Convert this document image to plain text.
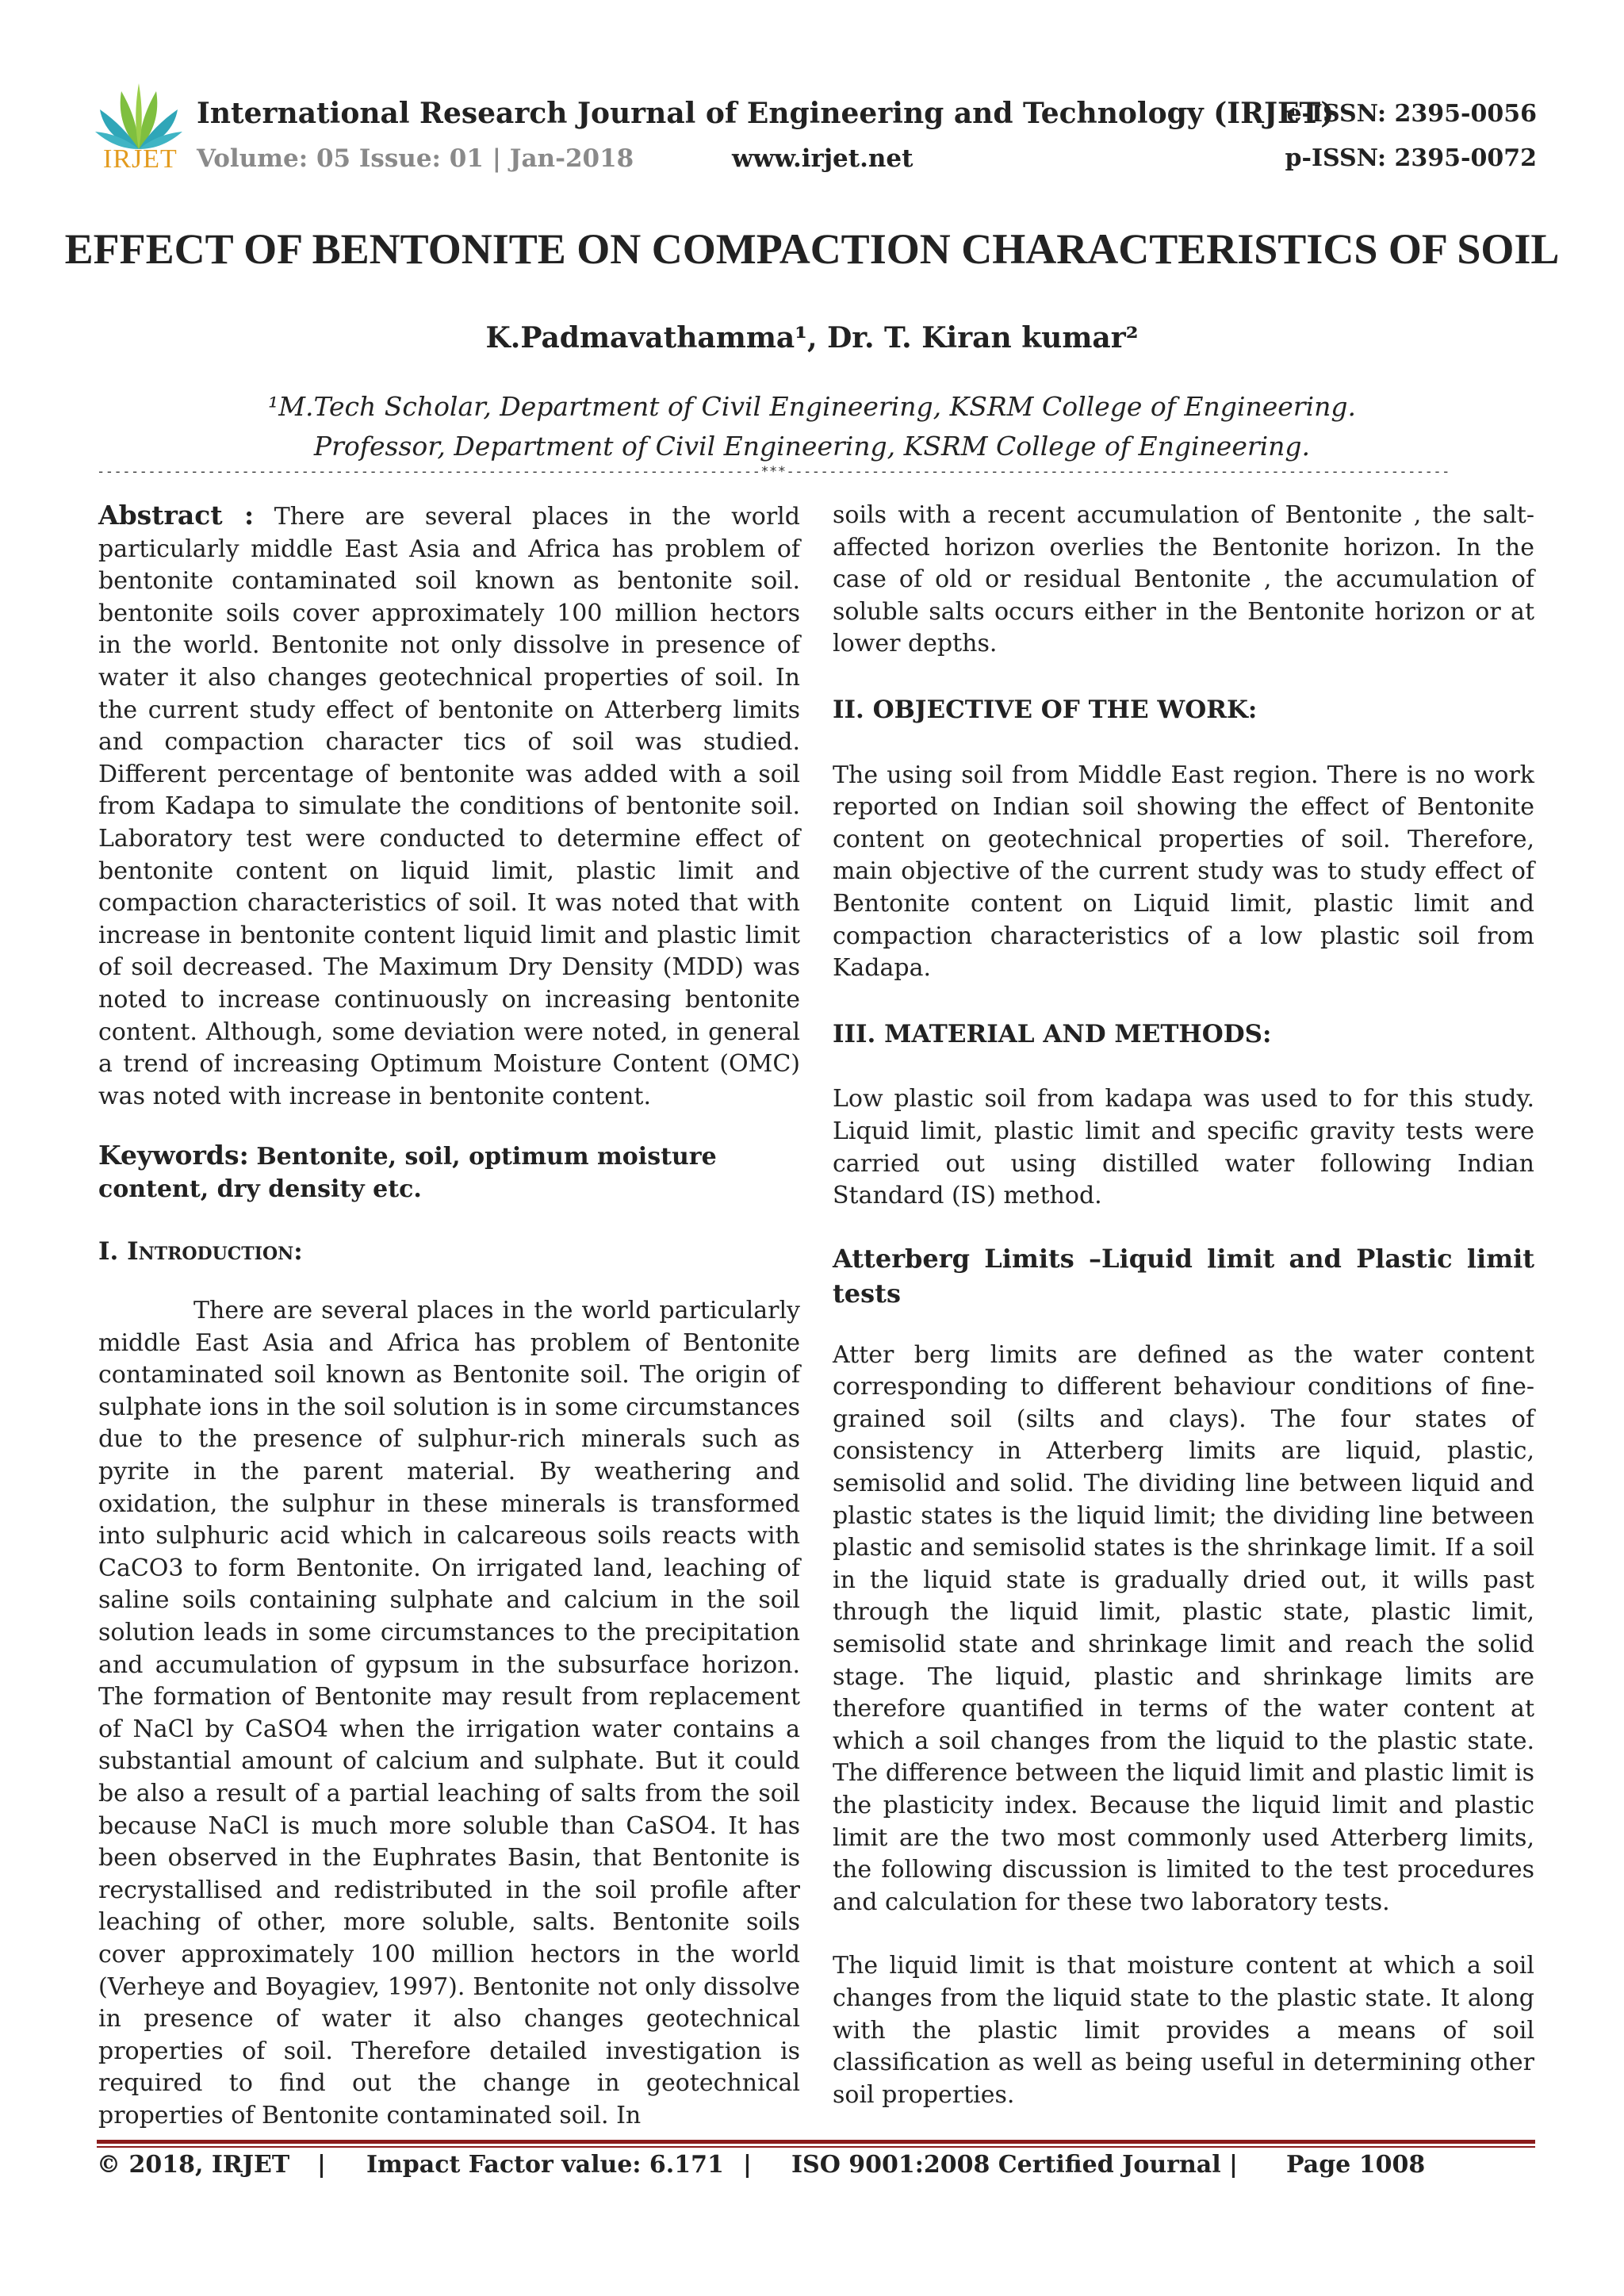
IRJET
International Research Journal of Engineering and Technology (IRJET)
e-ISSN: 2395-0056
Volume: 05 Issue: 01 | Jan-2018	www.irjet.net	p-ISSN: 2395-0072
EFFECT OF BENTONITE ON COMPACTION CHARACTERISTICS OF SOIL
K.Padmavathamma¹, Dr. T. Kiran kumar²
¹M.Tech Scholar, Department of Civil Engineering, KSRM College of Engineering.
Professor, Department of Civil Engineering, KSRM College of Engineering.
------------------------------------------------------------------------------***------------------------------------------------------------------------------

Abstract : There are several places in the world particularly middle East Asia and Africa has problem of bentonite contaminated soil known as bentonite soil. bentonite soils cover approximately 100 million hectors in the world. Bentonite not only dissolve in presence of water it also changes geotechnical properties of soil. In the current study effect of bentonite on Atterberg limits and compaction character tics of soil was studied. Different percentage of bentonite was added with a soil from Kadapa to simulate the conditions of bentonite soil. Laboratory test were conducted to determine effect of bentonite content on liquid limit, plastic limit and compaction characteristics of soil. It was noted that with increase in bentonite content liquid limit and plastic limit of soil decreased. The Maximum Dry Density (MDD) was noted to increase continuously on increasing bentonite content. Although, some deviation were noted, in general a trend of increasing Optimum Moisture Content (OMC) was noted with increase in bentonite content.

Keywords: Bentonite, soil, optimum moisture content, dry density etc.

I. Introduction:

There are several places in the world particularly middle East Asia and Africa has problem of Bentonite contaminated soil known as Bentonite soil. The origin of sulphate ions in the soil solution is in some circumstances due to the presence of sulphur-rich minerals such as pyrite in the parent material. By weathering and oxidation, the sulphur in these minerals is transformed into sulphuric acid which in calcareous soils reacts with CaCO3 to form Bentonite. On irrigated land, leaching of saline soils containing sulphate and calcium in the soil solution leads in some circumstances to the precipitation and accumulation of gypsum in the subsurface horizon. The formation of Bentonite may result from replacement of NaCl by CaSO4 when the irrigation water contains a substantial amount of calcium and sulphate. But it could be also a result of a partial leaching of salts from the soil because NaCl is much more soluble than CaSO4. It has been observed in the Euphrates Basin, that Bentonite is recrystallised and redistributed in the soil profile after leaching of other, more soluble, salts. Bentonite soils cover approximately 100 million hectors in the world (Verheye and Boyagiev, 1997). Bentonite not only dissolve in presence of water it also changes geotechnical properties of soil. Therefore detailed investigation is required to find out the change in geotechnical properties of Bentonite contaminated soil. In

soils with a recent accumulation of Bentonite , the salt-affected horizon overlies the Bentonite horizon. In the case of old or residual Bentonite , the accumulation of soluble salts occurs either in the Bentonite horizon or at lower depths.

II. OBJECTIVE OF THE WORK:

The using soil from Middle East region. There is no work reported on Indian soil showing the effect of Bentonite content on geotechnical properties of soil. Therefore, main objective of the current study was to study effect of Bentonite content on Liquid limit, plastic limit and compaction characteristics of a low plastic soil from Kadapa.

III. MATERIAL AND METHODS:

Low plastic soil from kadapa was used to for this study. Liquid limit, plastic limit and specific gravity tests were carried out using distilled water following Indian Standard (IS) method.

Atterberg Limits –Liquid limit and Plastic limit tests

Atter berg limits are defined as the water content corresponding to different behaviour conditions of fine-grained soil (silts and clays). The four states of consistency in Atterberg limits are liquid, plastic, semisolid and solid. The dividing line between liquid and plastic states is the liquid limit; the dividing line between plastic and semisolid states is the shrinkage limit. If a soil in the liquid state is gradually dried out, it wills past through the liquid limit, plastic state, plastic limit, semisolid state and shrinkage limit and reach the solid stage. The liquid, plastic and shrinkage limits are therefore quantified in terms of the water content at which a soil changes from the liquid to the plastic state. The difference between the liquid limit and plastic limit is the plasticity index. Because the liquid limit and plastic limit are the two most commonly used Atterberg limits, the following discussion is limited to the test procedures and calculation for these two laboratory tests.

The liquid limit is that moisture content at which a soil changes from the liquid state to the plastic state. It along with the plastic limit provides a means of soil classification as well as being useful in determining other soil properties.

© 2018, IRJET | Impact Factor value: 6.171 | ISO 9001:2008 Certified Journal | Page 1008
